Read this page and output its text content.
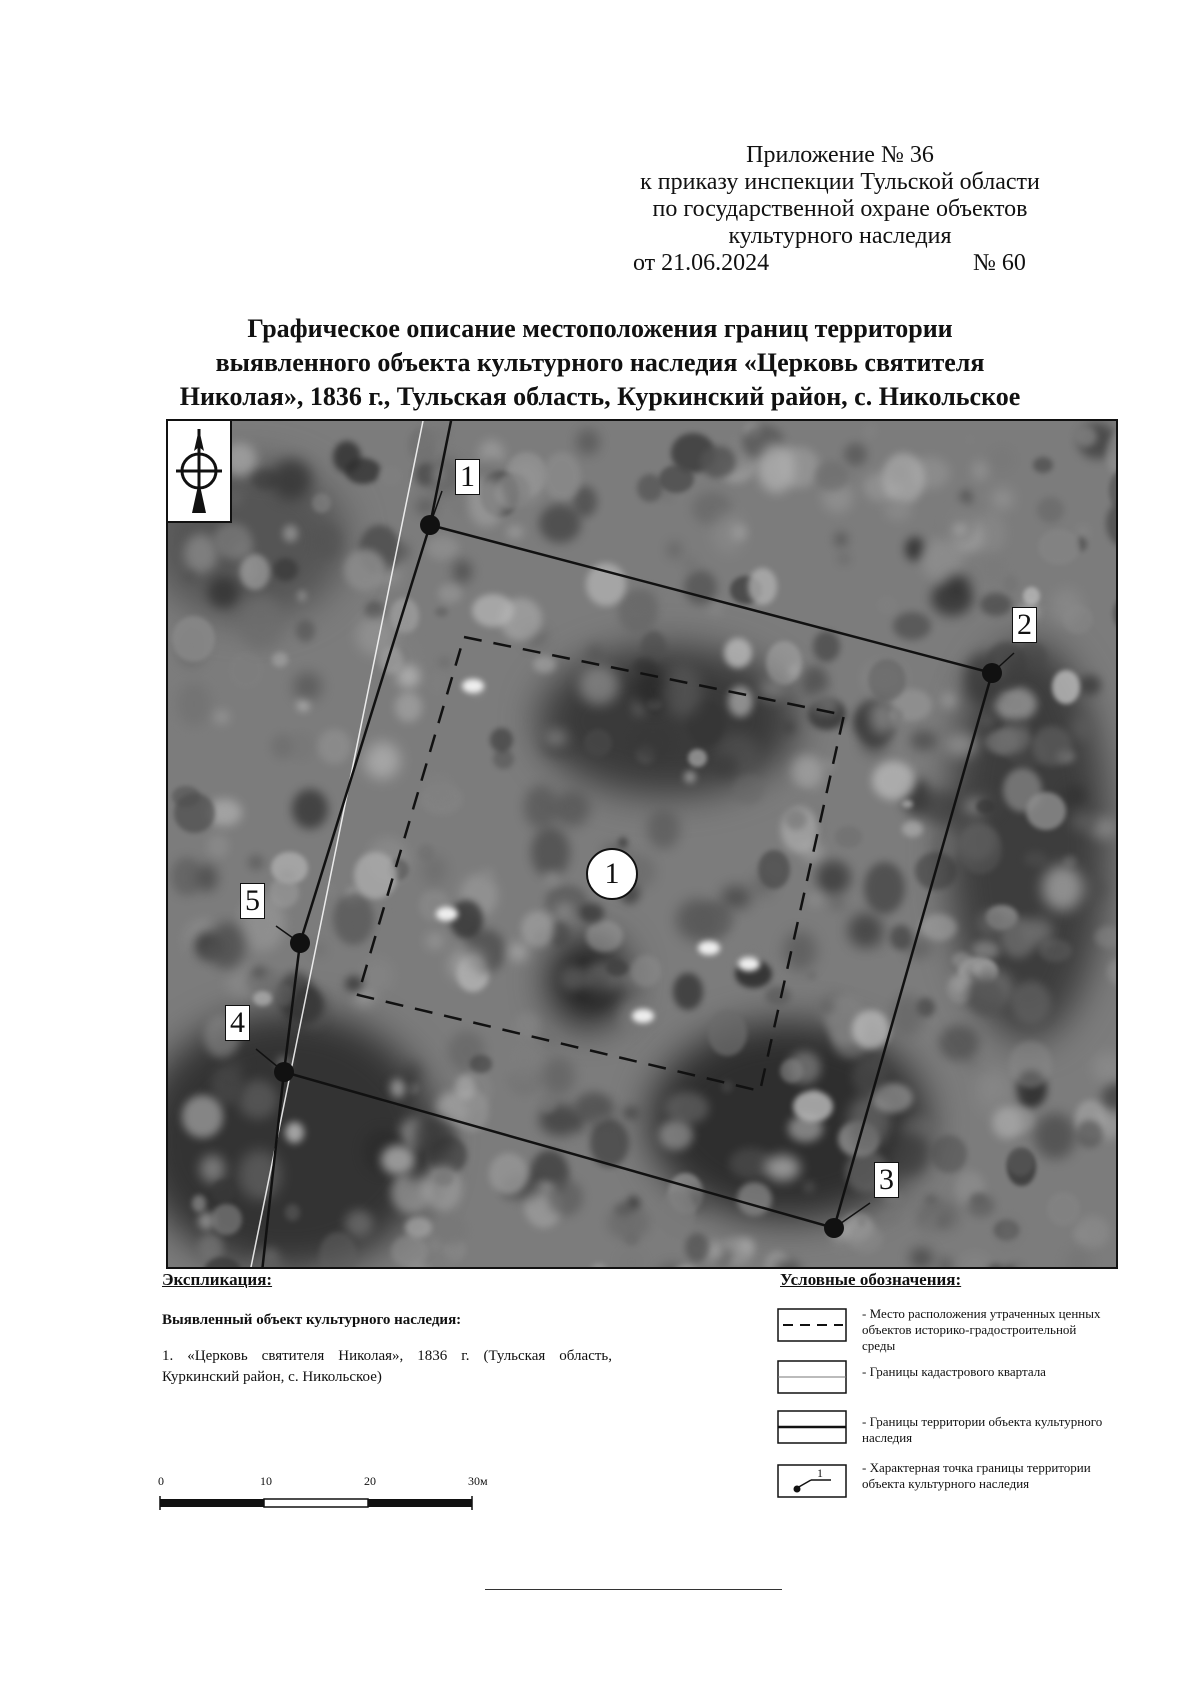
Приложение № 36
к приказу инспекции Тульской области
по государственной охране объектов
культурного наследия
от 21.06.2024	№ 60
Графическое описание местоположения границ территории
выявленного объекта культурного наследия «Церковь святителя
Николая», 1836 г., Тульская область, Куркинский район, с. Никольское
1
2
3
4
5
1
Экспликация:
Выявленный объект культурного наследия:
1. «Церковь святителя Николая», 1836 г. (Тульская область, Куркинский район, с. Никольское)
Условные обозначения:
- Место расположения утраченных ценных объектов историко-градостроительной среды
- Границы кадастрового квартала
- Границы территории объекта культурного наследия
1	- Характерная точка границы территории объекта культурного наследия
0	10	20	30м
